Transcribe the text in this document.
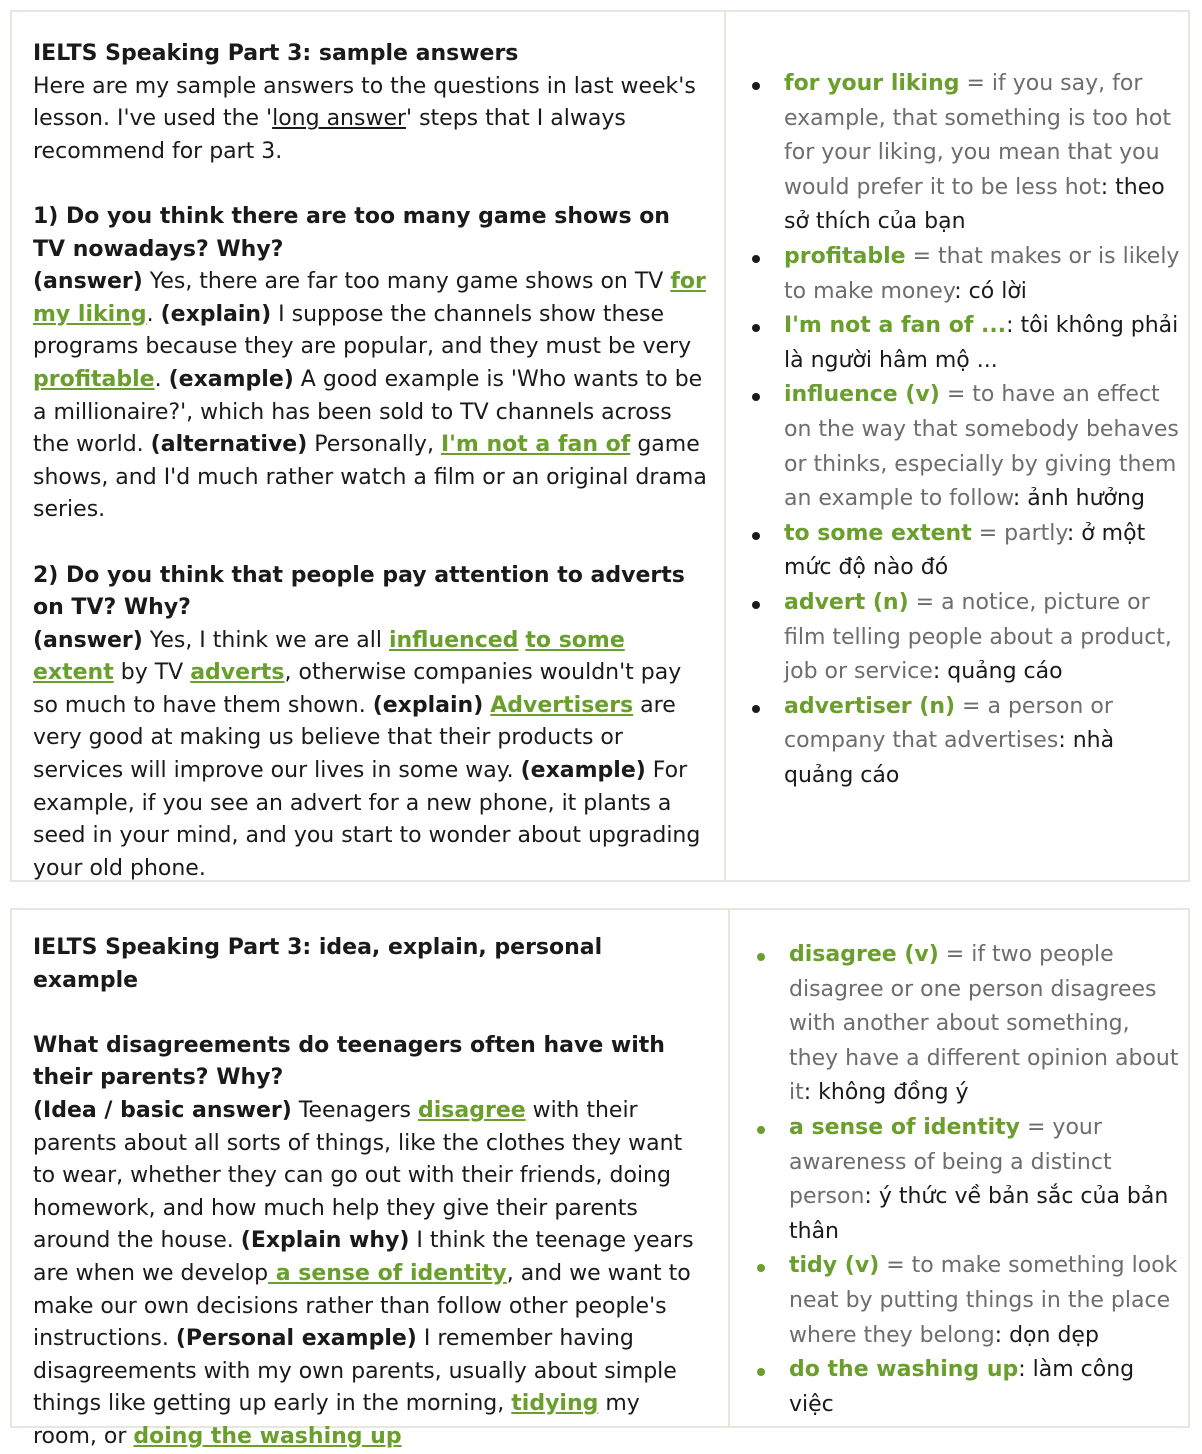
IELTS Speaking Part 3: sample answers

Here are my sample answers to the questions in last week's lesson. I've used the 'long answer' steps that I always recommend for part 3.

1) Do you think there are too many game shows on TV nowadays? Why?

(answer) Yes, there are far too many game shows on TV for my liking. (explain) I suppose the channels show these programs because they are popular, and they must be very profitable. (example) A good example is 'Who wants to be a millionaire?', which has been sold to TV channels across the world. (alternative) Personally, I'm not a fan of game shows, and I'd much rather watch a film or an original drama series.

2) Do you think that people pay attention to adverts on TV? Why?

(answer) Yes, I think we are all influenced to some extent by TV adverts, otherwise companies wouldn't pay so much to have them shown. (explain) Advertisers are very good at making us believe that their products or services will improve our lives in some way. (example) For example, if you see an advert for a new phone, it plants a seed in your mind, and you start to wonder about upgrading your old phone.

for your liking = if you say, for example, that something is too hot for your liking, you mean that you would prefer it to be less hot: theo sở thích của bạn
profitable = that makes or is likely to make money: có lời
I'm not a fan of ...: tôi không phải là người hâm mộ ...
influence (v) = to have an effect on the way that somebody behaves or thinks, especially by giving them an example to follow: ảnh hưởng
to some extent = partly: ở một mức độ nào đó
advert (n) = a notice, picture or film telling people about a product, job or service: quảng cáo
advertiser (n) = a person or company that advertises: nhà quảng cáo

IELTS Speaking Part 3: idea, explain, personal example

What disagreements do teenagers often have with their parents? Why?

(Idea / basic answer) Teenagers disagree with their parents about all sorts of things, like the clothes they want to wear, whether they can go out with their friends, doing homework, and how much help they give their parents around the house. (Explain why) I think the teenage years are when we develop a sense of identity, and we want to make our own decisions rather than follow other people's instructions. (Personal example) I remember having disagreements with my own parents, usually about simple things like getting up early in the morning, tidying my room, or doing the washing up

disagree (v) = if two people disagree or one person disagrees with another about something, they have a different opinion about it: không đồng ý
a sense of identity = your awareness of being a distinct person: ý thức về bản sắc của bản thân
tidy (v) = to make something look neat by putting things in the place where they belong: dọn dẹp
do the washing up: làm công việc
